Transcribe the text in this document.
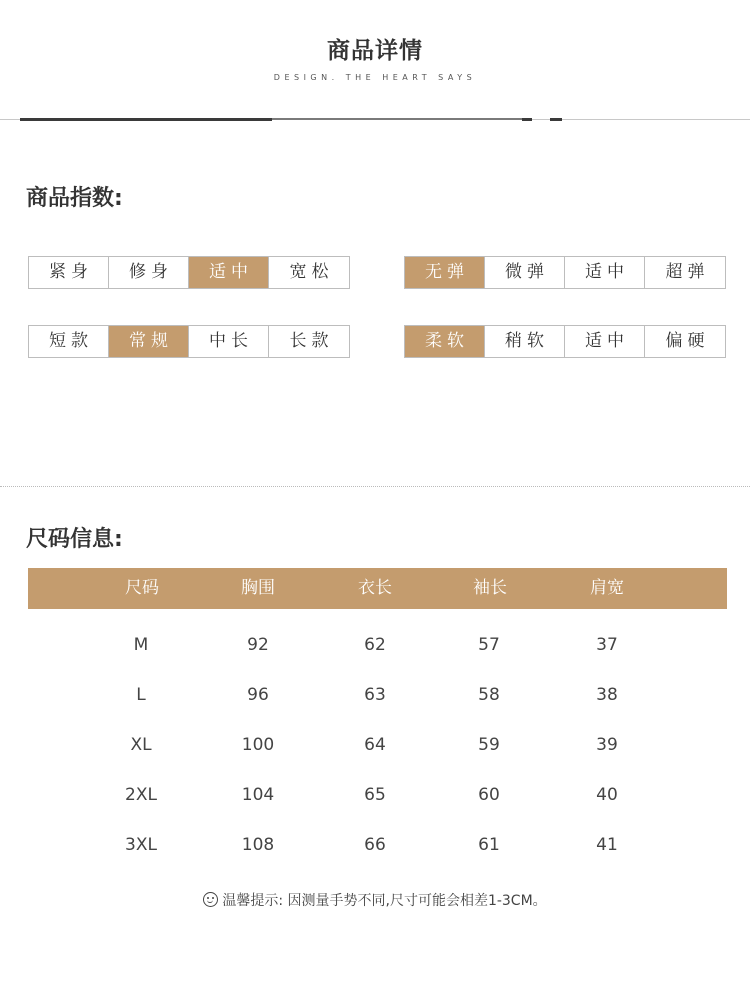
商品详情
DESIGN. THE HEART SAYS
商品指数:
紧身	修身	适中	宽松	无弹	微弹	适中	超弹
短款	常规	中长	长款	柔软	稍软	适中	偏硬
尺码信息:
尺码	胸围	衣长	袖长	肩宽
M	92	62	57	37
L	96	63	58	38
XL	100	64	59	39
2XL	104	65	60	40
3XL	108	66	61	41
温馨提示: 因测量手势不同,尺寸可能会相差1-3CM。
